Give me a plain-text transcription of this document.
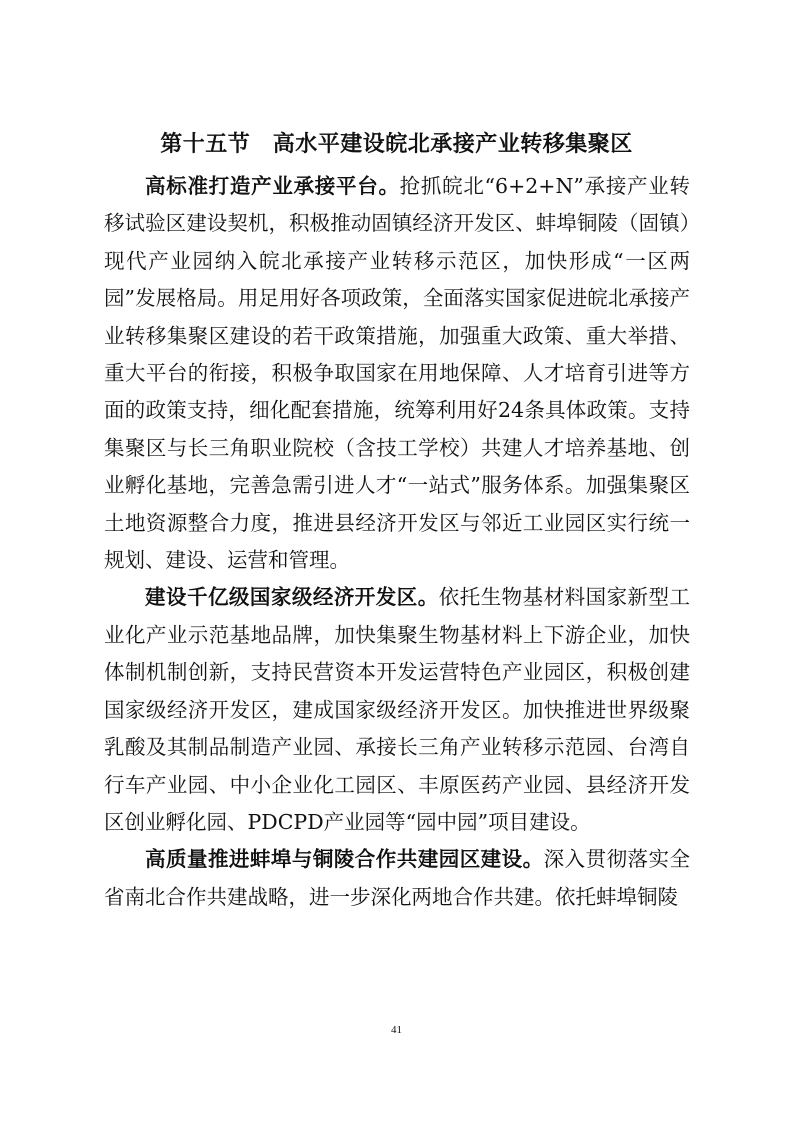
第十五节　高水平建设皖北承接产业转移集聚区

高标准打造产业承接平台。抢抓皖北“6+2+N”承接产业转移试验区建设契机，积极推动固镇经济开发区、蚌埠铜陵（固镇）现代产业园纳入皖北承接产业转移示范区，加快形成“一区两园”发展格局。用足用好各项政策，全面落实国家促进皖北承接产业转移集聚区建设的若干政策措施，加强重大政策、重大举措、重大平台的衔接，积极争取国家在用地保障、人才培育引进等方面的政策支持，细化配套措施，统筹利用好24条具体政策。支持集聚区与长三角职业院校（含技工学校）共建人才培养基地、创业孵化基地，完善急需引进人才“一站式”服务体系。加强集聚区土地资源整合力度，推进县经济开发区与邻近工业园区实行统一规划、建设、运营和管理。

建设千亿级国家级经济开发区。依托生物基材料国家新型工业化产业示范基地品牌，加快集聚生物基材料上下游企业，加快体制机制创新，支持民营资本开发运营特色产业园区，积极创建国家级经济开发区，建成国家级经济开发区。加快推进世界级聚乳酸及其制品制造产业园、承接长三角产业转移示范园、台湾自行车产业园、中小企业化工园区、丰原医药产业园、县经济开发区创业孵化园、PDCPD产业园等“园中园”项目建设。

高质量推进蚌埠与铜陵合作共建园区建设。深入贯彻落实全省南北合作共建战略，进一步深化两地合作共建。依托蚌埠铜陵

41
